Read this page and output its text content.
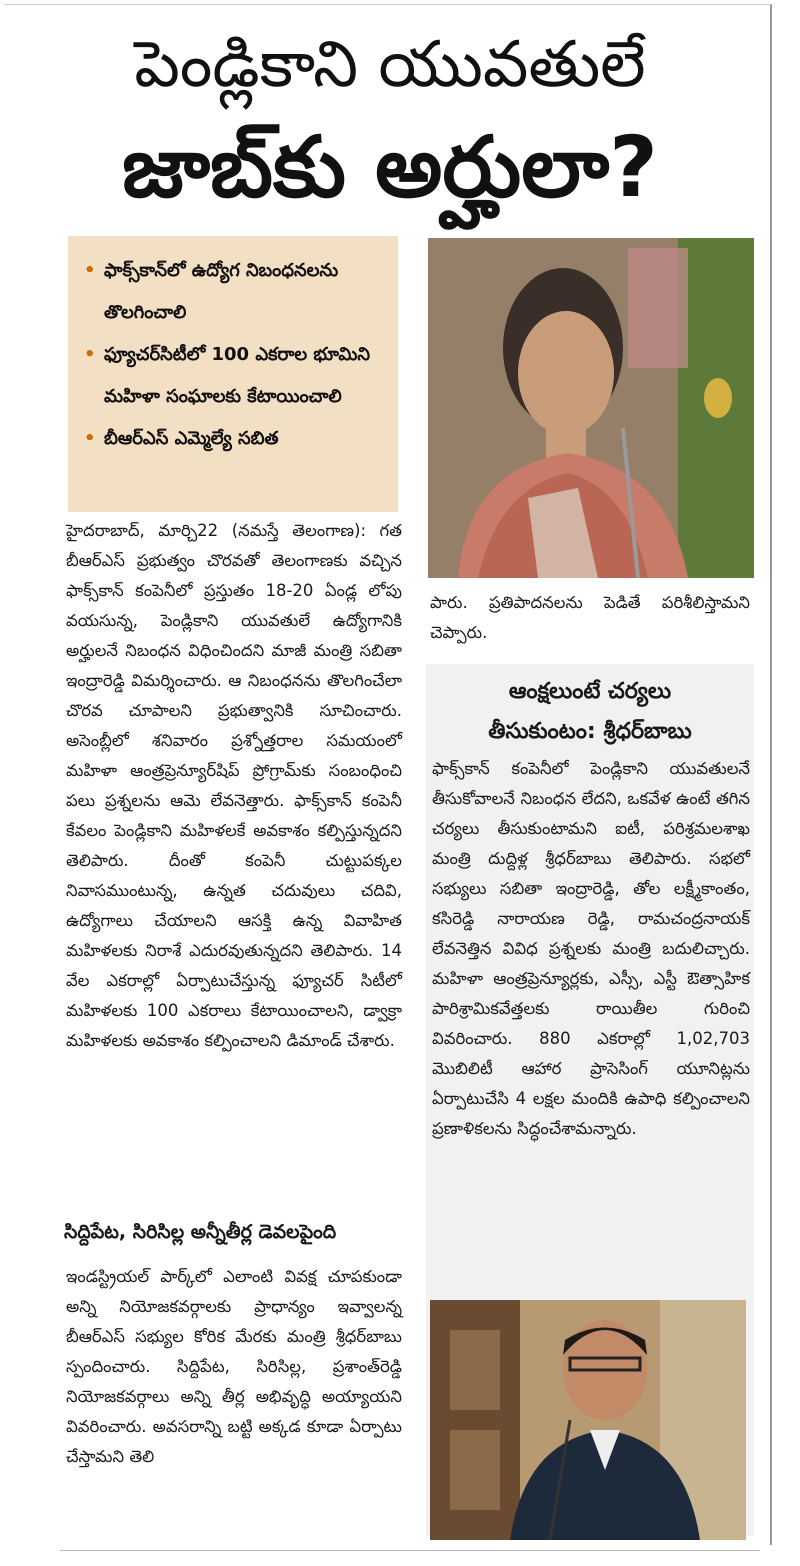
పెండ్లికాని యువతులే
జాబ్‌కు అర్హులా?
• ఫాక్స్‌కాన్‌లో ఉద్యోగ నిబంధనలను తొలగించాలి
• ఫ్యూచర్‌సిటీలో 100 ఎకరాల భూమిని మహిళా సంఘాలకు కేటాయించాలి
• బీఆర్‌ఎస్ ఎమ్మెల్యే సబిత

హైదరాబాద్, మార్చి22 (నమస్తే తెలంగాణ): గత బీఆర్‌ఎస్ ప్రభుత్వం చొరవతో తెలంగాణకు వచ్చిన ఫాక్స్‌కాన్ కంపెనీలో ప్రస్తుతం 18-20 ఏండ్ల లోపు వయసున్న, పెండ్లికాని యువతులే ఉద్యోగానికి అర్హులనే నిబంధన విధించిందని మాజీ మంత్రి సబితా ఇంద్రారెడ్డి విమర్శించారు. ఆ నిబంధనను తొలగించేలా చొరవ చూపాలని ప్రభుత్వానికి సూచించారు. అసెంబ్లీలో శనివారం ప్రశ్నోత్తరాల సమయంలో మహిళా ఆంత్రప్రెన్యూర్‌షిప్ ప్రోగ్రామ్‌కు సంబంధించి పలు ప్రశ్నలను ఆమె లేవనెత్తారు. ఫాక్స్‌కాన్ కంపెనీ కేవలం పెండ్లికాని మహిళలకే అవకాశం కల్పిస్తున్నదని తెలిపారు. దీంతో కంపెనీ చుట్టుపక్కల నివాసముంటున్న, ఉన్నత చదువులు చదివి, ఉద్యోగాలు చేయాలని ఆసక్తి ఉన్న వివాహిత మహిళలకు నిరాశే ఎదురవుతున్నదని తెలిపారు. 14 వేల ఎకరాల్లో ఏర్పాటుచేస్తున్న ఫ్యూచర్ సిటీలో మహిళలకు 100 ఎకరాలు కేటాయించాలని, డ్వాక్రా మహిళలకు అవకాశం కల్పించాలని డిమాండ్ చేశారు.

పారు. ప్రతిపాదనలను పెడితే పరిశీలిస్తామని చెప్పారు.

సిద్దిపేట, సిరిసిల్ల అన్నీతీర్ల డెవలపైంది

ఇండస్ట్రియల్ పార్క్‌లో ఎలాంటి వివక్ష చూపకుండా అన్ని నియోజకవర్గాలకు ప్రాధాన్యం ఇవ్వాలన్న బీఆర్‌ఎస్ సభ్యుల కోరిక మేరకు మంత్రి శ్రీధర్‌బాబు స్పందించారు. సిద్దిపేట, సిరిసిల్ల, ప్రశాంత్‌రెడ్డి నియోజకవర్గాలు అన్ని తీర్ల అభివృద్ధి అయ్యాయని వివరించారు. అవసరాన్ని బట్టి అక్కడ కూడా ఏర్పాటు చేస్తామని తెలి

ఆంక్షలుంటే చర్యలు
తీసుకుంటం: శ్రీధర్‌బాబు

ఫాక్స్‌కాన్ కంపెనీలో పెండ్లికాని యువతులనే తీసుకోవాలనే నిబంధన లేదని, ఒకవేళ ఉంటే తగిన చర్యలు తీసుకుంటామని ఐటీ, పరిశ్రమలశాఖ మంత్రి దుద్దిళ్ల శ్రీధర్‌బాబు తెలిపారు. సభలో సభ్యులు సబితా ఇంద్రారెడ్డి, తోల లక్ష్మీకాంతం, కసిరెడ్డి నారాయణ రెడ్డి, రామచంద్రనాయక్ లేవనెత్తిన వివిధ ప్రశ్నలకు మంత్రి బదులిచ్చారు. మహిళా ఆంత్రప్రెన్యూర్లకు, ఎస్సీ, ఎస్టీ ఔత్సాహిక పారిశ్రామికవేత్తలకు రాయితీల గురించి వివరించారు. 880 ఎకరాల్లో 1,02,703 మొబిలిటీ ఆహార ప్రాసెసింగ్ యూనిట్లను ఏర్పాటుచేసి 4 లక్షల మందికి ఉపాధి కల్పించాలని ప్రణాళికలను సిద్ధంచేశామన్నారు.
